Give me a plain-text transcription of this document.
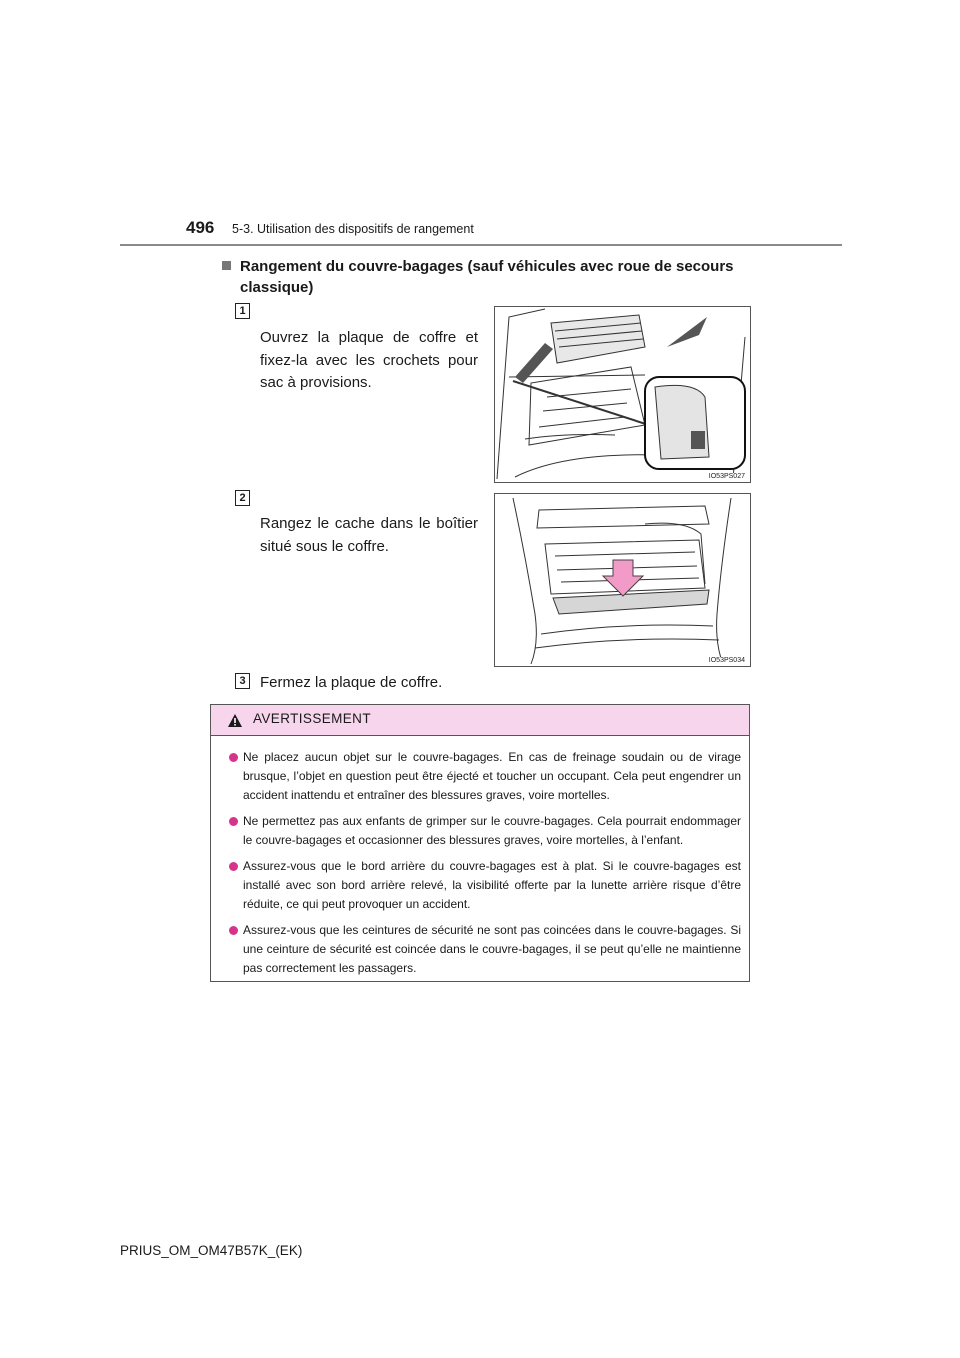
496 5-3. Utilisation des dispositifs de rangement
Rangement du couvre-bagages (sauf véhicules avec roue de secours
classique)
1
Ouvrez la plaque de coffre et fixez-la avec les crochets pour sac à provisions.
IO53PS027
2
Rangez le cache dans le boîtier situé sous le coffre.
IO53PS034
3 Fermez la plaque de coffre.
AVERTISSEMENT
Ne placez aucun objet sur le couvre-bagages. En cas de freinage soudain ou de virage brusque, l’objet en question peut être éjecté et toucher un occupant. Cela peut engendrer un accident inattendu et entraîner des blessures graves, voire mortelles.
Ne permettez pas aux enfants de grimper sur le couvre-bagages. Cela pourrait endommager le couvre-bagages et occasionner des blessures graves, voire mortelles, à l’enfant.
Assurez-vous que le bord arrière du couvre-bagages est à plat. Si le couvre-bagages est installé avec son bord arrière relevé, la visibilité offerte par la lunette arrière risque d’être réduite, ce qui peut provoquer un accident.
Assurez-vous que les ceintures de sécurité ne sont pas coincées dans le couvre-bagages. Si une ceinture de sécurité est coincée dans le couvre-bagages, il se peut qu’elle ne maintienne pas correctement les passagers.
PRIUS_OM_OM47B57K_(EK)
